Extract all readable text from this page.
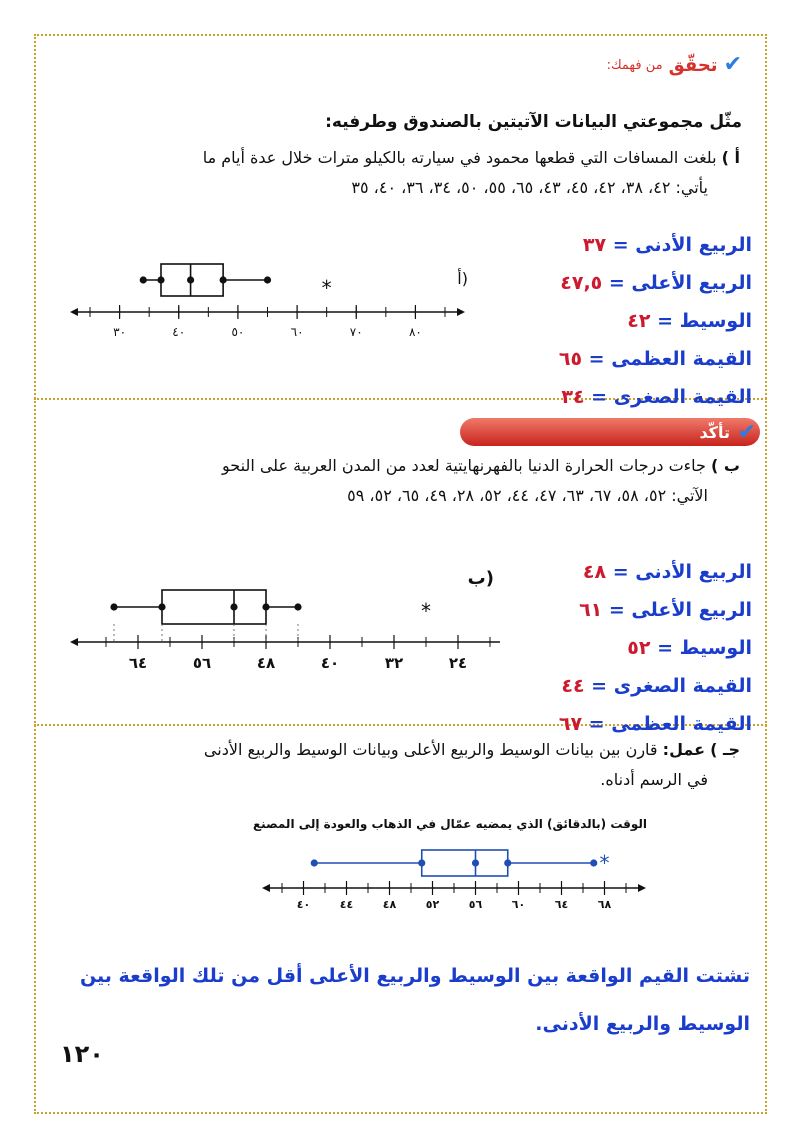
✔
تحقّق
من فهمك:
مثّل مجموعتي البيانات الآتيتين بالصندوق وطرفيه:
أ ) بلغت المسافات التي قطعها محمود في سيارته بالكيلو مترات خلال عدة أيام ما
يأتي: ٤٢، ٣٨، ٤٢، ٤٥، ٤٣، ٦٥، ٥٥، ٥٠، ٣٤، ٣٦، ٤٠، ٣٥
الربيع الأدنى = ٣٧
الربيع الأعلى = ٤٧,٥
الوسيط = ٤٢
القيمة العظمى = ٦٥
القيمة الصغرى = ٣٤
أ)
٣٠	٤٠	٥٠	٦٠	٧٠	٨٠
*
✔
تأكّد
ب ) جاءت درجات الحرارة الدنيا بالفهرنهايتية لعدد من المدن العربية على النحو
الآتي: ٥٢، ٥٨، ٦٧، ٦٣، ٤٧، ٤٤، ٥٢، ٢٨، ٤٩، ٦٥، ٥٢، ٥٩
الربيع الأدنى = ٤٨
الربيع الأعلى = ٦١
الوسيط = ٥٢
القيمة الصغرى = ٤٤
القيمة العظمى = ٦٧
ب)
٢٤
٣٢
٤٠
٤٨
٥٦
٦٤
*
جـ ) عمل: قارن بين بيانات الوسيط والربيع الأعلى وبيانات الوسيط والربيع الأدنى
في الرسم أدناه.
الوقت (بالدقائق) الذي يمضيه عمّال في الذهاب والعودة إلى المصنع
٤٠	٤٤	٤٨	٥٢	٥٦	٦٠	٦٤	٦٨
*
تشتت القيم الواقعة بين الوسيط والربيع الأعلى أقل من تلك الواقعة بين الوسيط والربيع الأدنى.
١٢٠
